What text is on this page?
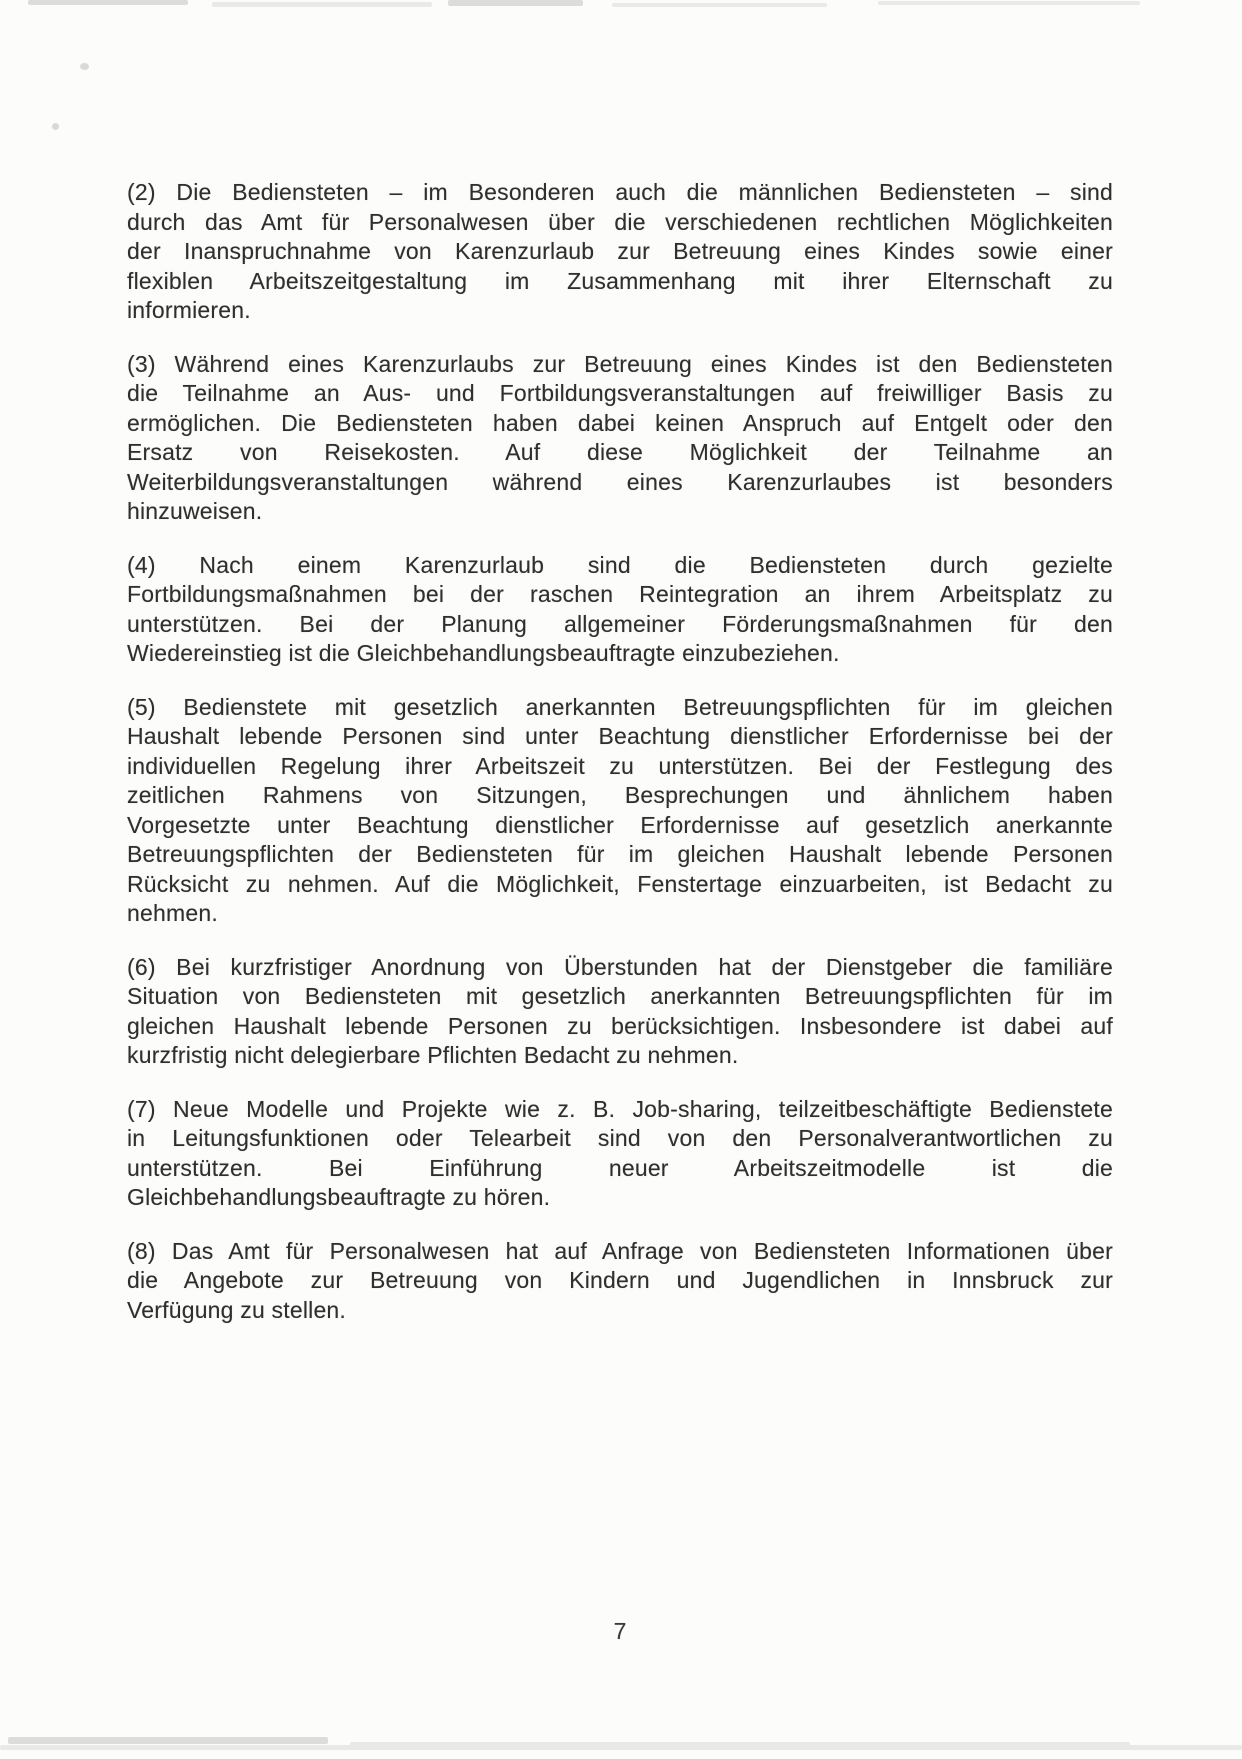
(2) Die Bediensteten – im Besonderen auch die männlichen Bediensteten – sind
durch das Amt für Personalwesen über die verschiedenen rechtlichen Möglichkeiten
der Inanspruchnahme von Karenzurlaub zur Betreuung eines Kindes sowie einer
flexiblen Arbeitszeitgestaltung im Zusammenhang mit ihrer Elternschaft zu
informieren.
(3) Während eines Karenzurlaubs zur Betreuung eines Kindes ist den Bediensteten
die Teilnahme an Aus- und Fortbildungsveranstaltungen auf freiwilliger Basis zu
ermöglichen. Die Bediensteten haben dabei keinen Anspruch auf Entgelt oder den
Ersatz von Reisekosten. Auf diese Möglichkeit der Teilnahme an
Weiterbildungsveranstaltungen während eines Karenzurlaubes ist besonders
hinzuweisen.
(4) Nach einem Karenzurlaub sind die Bediensteten durch gezielte
Fortbildungsmaßnahmen bei der raschen Reintegration an ihrem Arbeitsplatz zu
unterstützen. Bei der Planung allgemeiner Förderungsmaßnahmen für den
Wiedereinstieg ist die Gleichbehandlungsbeauftragte einzubeziehen.
(5) Bedienstete mit gesetzlich anerkannten Betreuungspflichten für im gleichen
Haushalt lebende Personen sind unter Beachtung dienstlicher Erfordernisse bei der
individuellen Regelung ihrer Arbeitszeit zu unterstützen. Bei der Festlegung des
zeitlichen Rahmens von Sitzungen, Besprechungen und ähnlichem haben
Vorgesetzte unter Beachtung dienstlicher Erfordernisse auf gesetzlich anerkannte
Betreuungspflichten der Bediensteten für im gleichen Haushalt lebende Personen
Rücksicht zu nehmen. Auf die Möglichkeit, Fenstertage einzuarbeiten, ist Bedacht zu
nehmen.
(6) Bei kurzfristiger Anordnung von Überstunden hat der Dienstgeber die familiäre
Situation von Bediensteten mit gesetzlich anerkannten Betreuungspflichten für im
gleichen Haushalt lebende Personen zu berücksichtigen. Insbesondere ist dabei auf
kurzfristig nicht delegierbare Pflichten Bedacht zu nehmen.
(7) Neue Modelle und Projekte wie z. B. Job-sharing, teilzeitbeschäftigte Bedienstete
in Leitungsfunktionen oder Telearbeit sind von den Personalverantwortlichen zu
unterstützen. Bei Einführung neuer Arbeitszeitmodelle ist die
Gleichbehandlungsbeauftragte zu hören.
(8) Das Amt für Personalwesen hat auf Anfrage von Bediensteten Informationen über
die Angebote zur Betreuung von Kindern und Jugendlichen in Innsbruck zur
Verfügung zu stellen.
7
